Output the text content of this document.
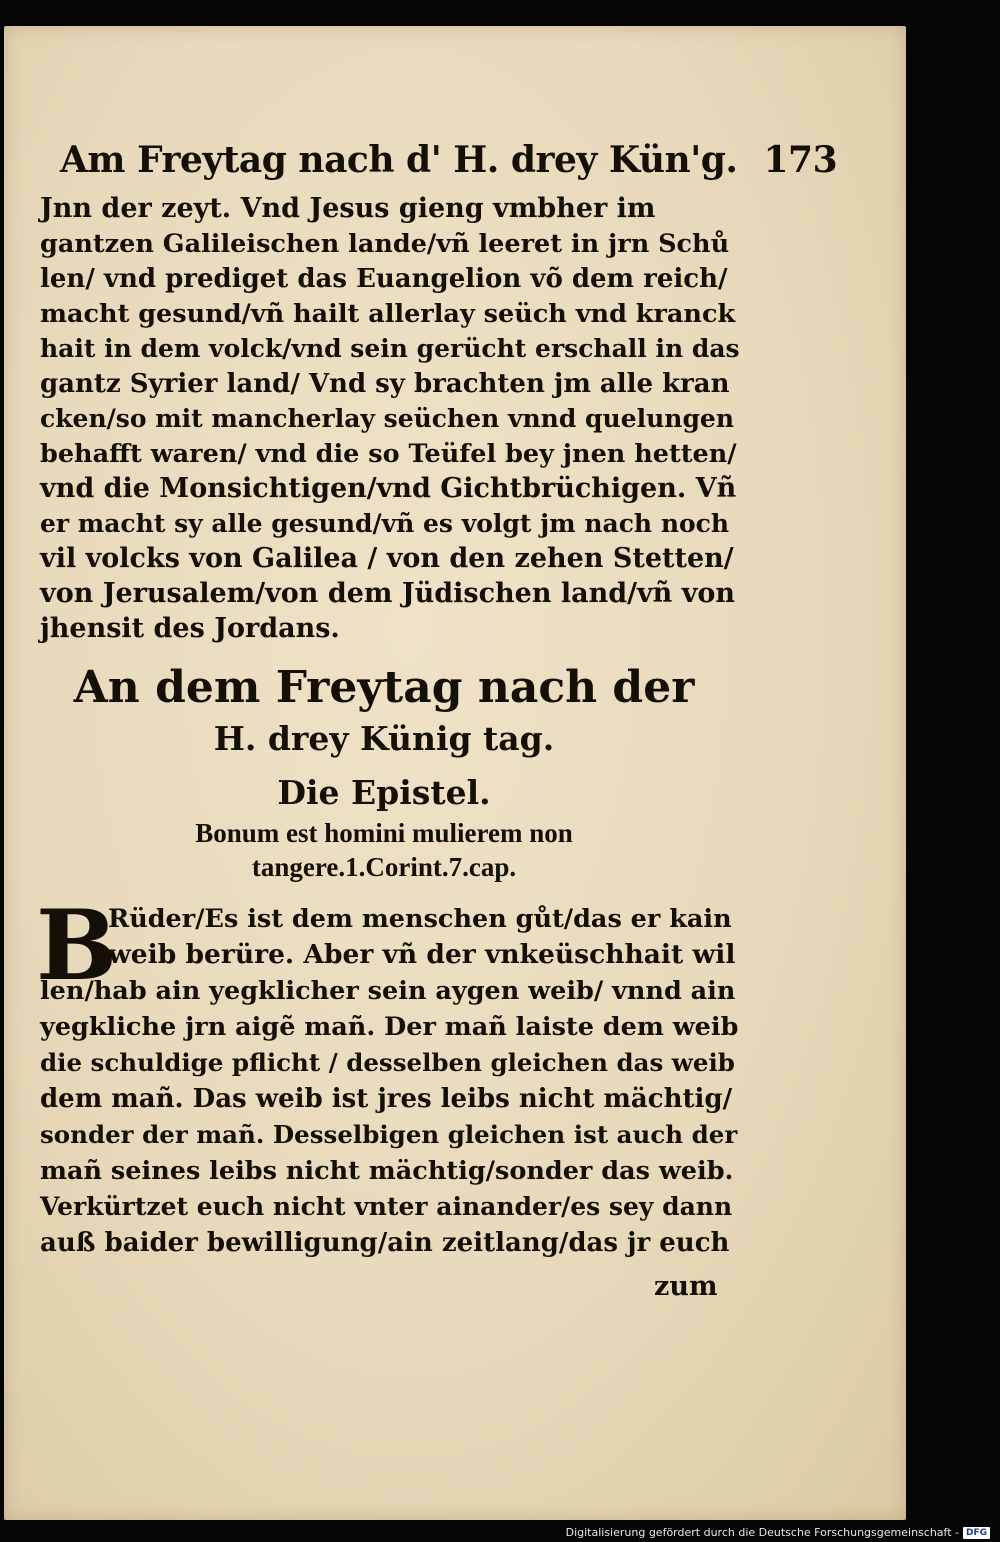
Am Freytag nach d' H. drey Kün'g. 173

Jnn der zeyt. Vnd Jesus gieng vmbher im

gantzen Galileischen lande/vñ leeret in jrn Schů

len/ vnd prediget das Euangelion võ dem reich/

macht gesund/vñ hailt allerlay seüch vnd kranck

hait in dem volck/vnd sein gerücht erschall in das

gantz Syrier land/ Vnd sy brachten jm alle kran

cken/so mit mancherlay seüchen vnnd quelungen

behafft waren/ vnd die so Teüfel bey jnen hetten/

vnd die Monsichtigen/vnd Gichtbrüchigen. Vñ

er macht sy alle gesund/vñ es volgt jm nach noch

vil volcks von Galilea / von den zehen Stetten/

von Jerusalem/von dem Jüdischen land/vñ von

jhensit des Jordans.

An dem Freytag nach der

H. drey Künig tag.

Die Epistel.

Bonum est homini mulierem non

tangere.1.Corint.7.cap.

B

Rüder/Es ist dem menschen gůt/das er kain

weib berüre. Aber vñ der vnkeüschhait wil

len/hab ain yegklicher sein aygen weib/ vnnd ain

yegkliche jrn aigẽ mañ. Der mañ laiste dem weib

die schuldige pflicht / desselben gleichen das weib

dem mañ. Das weib ist jres leibs nicht mächtig/

sonder der mañ. Desselbigen gleichen ist auch der

mañ seines leibs nicht mächtig/sonder das weib.

Verkürtzet euch nicht vnter ainander/es sey dann

auß baider bewilligung/ain zeitlang/das jr euch

zum

Digitalisierung gefördert durch die Deutsche Forschungsgemeinschaft - DFG
